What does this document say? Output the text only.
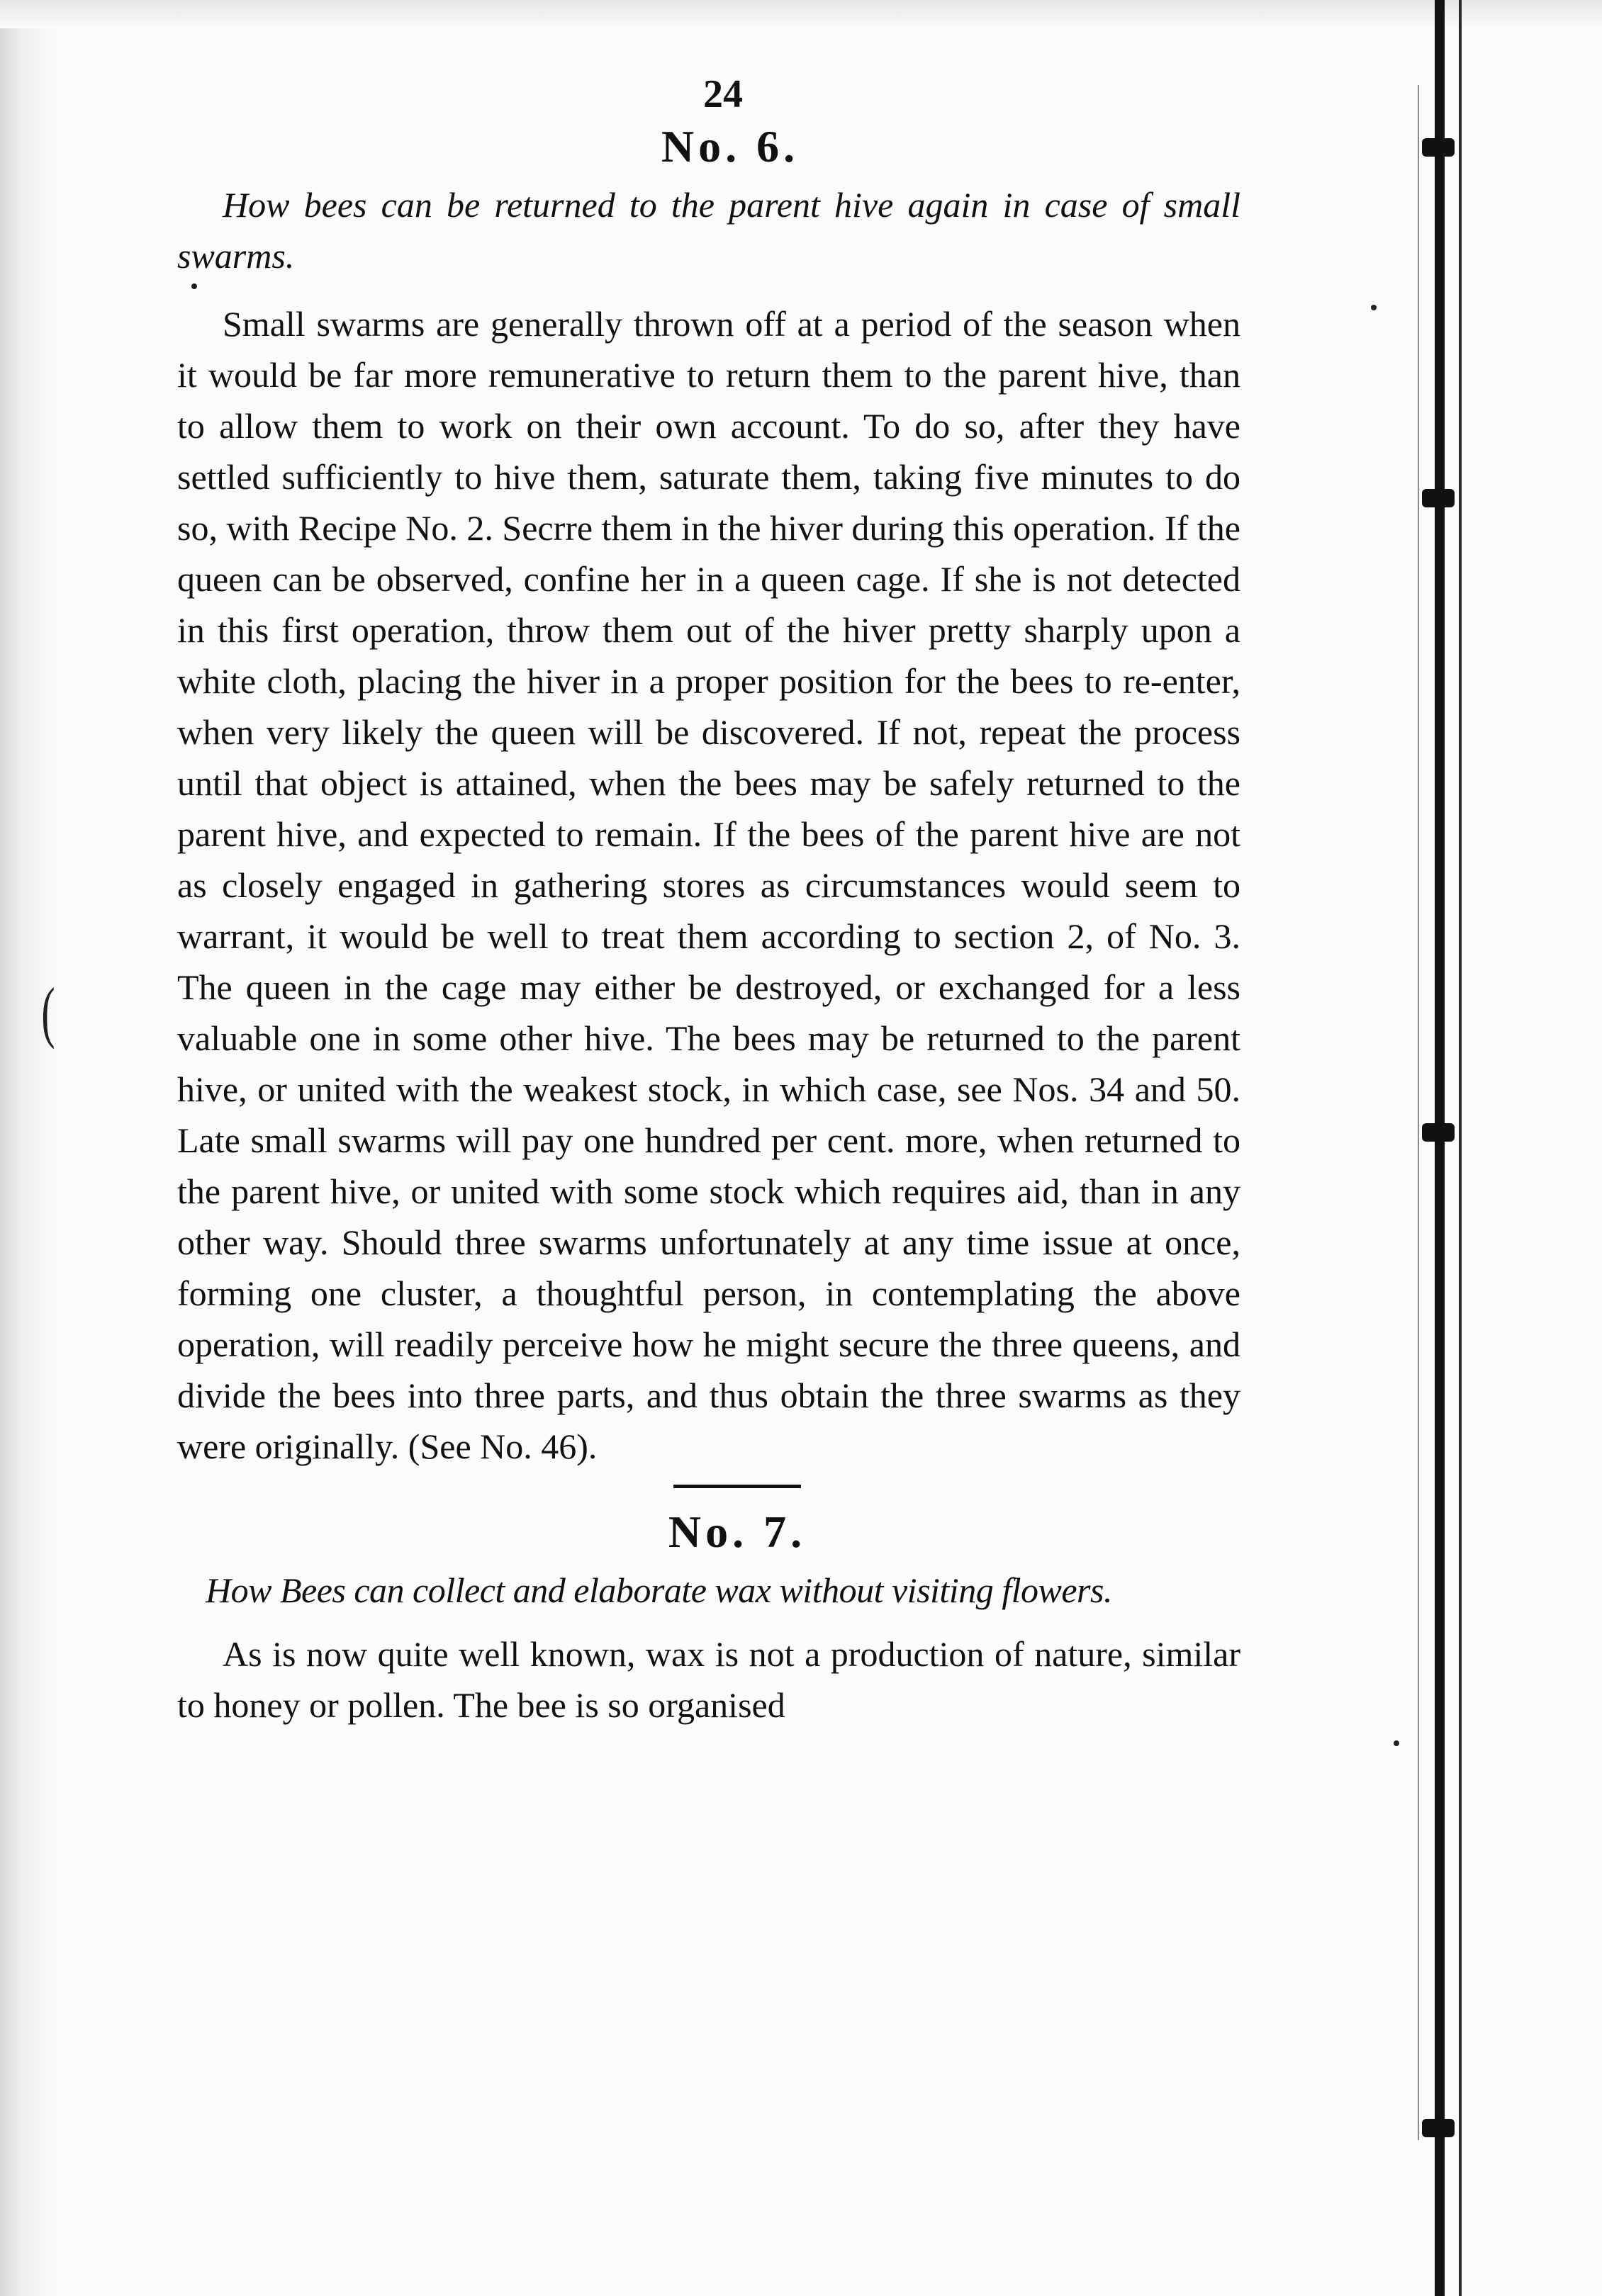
(

24

No. 6.

How bees can be returned to the parent hive again in case of small swarms.

Small swarms are generally thrown off at a period of the season when it would be far more remunerative to return them to the parent hive, than to allow them to work on their own account. To do so, after they have settled sufficiently to hive them, saturate them, taking five minutes to do so, with Recipe No. 2. Secrre them in the hiver during this operation. If the queen can be observed, confine her in a queen cage. If she is not detected in this first operation, throw them out of the hiver pretty sharply upon a white cloth, placing the hiver in a proper position for the bees to re-enter, when very likely the queen will be discovered. If not, repeat the process until that object is attained, when the bees may be safely returned to the parent hive, and expected to remain. If the bees of the parent hive are not as closely engaged in gathering stores as circumstances would seem to warrant, it would be well to treat them according to section 2, of No. 3. The queen in the cage may either be destroyed, or exchanged for a less valuable one in some other hive. The bees may be returned to the parent hive, or united with the weakest stock, in which case, see Nos. 34 and 50. Late small swarms will pay one hundred per cent. more, when returned to the parent hive, or united with some stock which requires aid, than in any other way. Should three swarms unfortunately at any time issue at once, forming one cluster, a thoughtful person, in contemplating the above operation, will readily perceive how he might secure the three queens, and divide the bees into three parts, and thus obtain the three swarms as they were originally. (See No. 46).

No. 7.

How Bees can collect and elaborate wax without visiting flowers.

As is now quite well known, wax is not a production of nature, similar to honey or pollen. The bee is so organised
